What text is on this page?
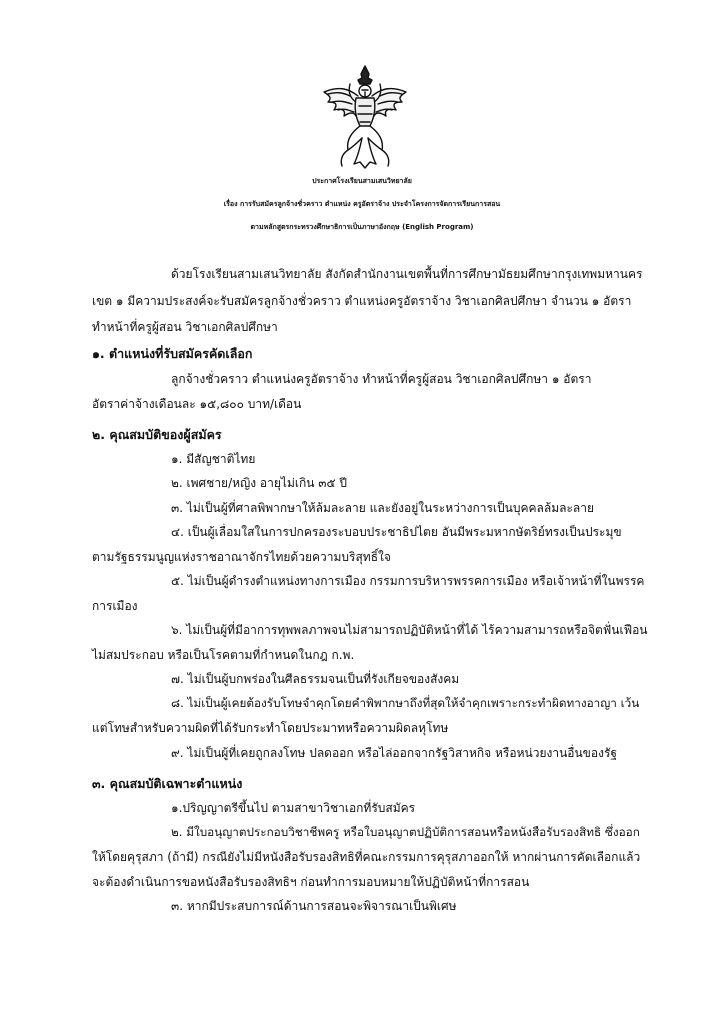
ประกาศโรงเรียนสามเสนวิทยาลัย
เรื่อง การรับสมัครลูกจ้างชั่วคราว ตำแหน่ง ครูอัตราจ้าง ประจำโครงการจัดการเรียนการสอน
ตามหลักสูตรกระทรวงศึกษาธิการเป็นภาษาอังกฤษ (English Program)
ด้วยโรงเรียนสามเสนวิทยาลัย สังกัดสำนักงานเขตพื้นที่การศึกษามัธยมศึกษากรุงเทพมหานคร
เขต ๑ มีความประสงค์จะรับสมัครลูกจ้างชั่วคราว ตำแหน่งครูอัตราจ้าง วิชาเอกศิลปศึกษา จำนวน ๑ อัตรา
ทำหน้าที่ครูผู้สอน วิชาเอกศิลปศึกษา
๑. ตำแหน่งที่รับสมัครคัดเลือก
ลูกจ้างชั่วคราว ตำแหน่งครูอัตราจ้าง ทำหน้าที่ครูผู้สอน วิชาเอกศิลปศึกษา ๑ อัตรา
อัตราค่าจ้างเดือนละ ๑๕,๘๐๐ บาท/เดือน
๒. คุณสมบัติของผู้สมัคร
๑. มีสัญชาติไทย
๒. เพศชาย/หญิง อายุไม่เกิน ๓๕ ปี
๓. ไม่เป็นผู้ที่ศาลพิพากษาให้ล้มละลาย และยังอยู่ในระหว่างการเป็นบุคคลล้มละลาย
๔. เป็นผู้เลื่อมใสในการปกครองระบอบประชาธิปไตย อันมีพระมหากษัตริย์ทรงเป็นประมุข
ตามรัฐธรรมนูญแห่งราชอาณาจักรไทยด้วยความบริสุทธิ์ใจ
๕. ไม่เป็นผู้ดำรงตำแหน่งทางการเมือง กรรมการบริหารพรรคการเมือง หรือเจ้าหน้าที่ในพรรค
การเมือง
๖. ไม่เป็นผู้ที่มีอาการทุพพลภาพจนไม่สามารถปฏิบัติหน้าที่ได้ ไร้ความสามารถหรือจิตฟั่นเฟือน
ไม่สมประกอบ หรือเป็นโรคตามที่กำหนดในกฎ ก.พ.
๗. ไม่เป็นผู้บกพร่องในศีลธรรมจนเป็นที่รังเกียจของสังคม
๘. ไม่เป็นผู้เคยต้องรับโทษจำคุกโดยคำพิพากษาถึงที่สุดให้จำคุกเพราะกระทำผิดทางอาญา เว้น
แต่โทษสำหรับความผิดที่ได้รับกระทำโดยประมาทหรือความผิดลหุโทษ
๙. ไม่เป็นผู้ที่เคยถูกลงโทษ ปลดออก หรือไล่ออกจากรัฐวิสาหกิจ หรือหน่วยงานอื่นของรัฐ
๓. คุณสมบัติเฉพาะตำแหน่ง
๑.ปริญญาตรีขึ้นไป ตามสาขาวิชาเอกที่รับสมัคร
๒. มีใบอนุญาตประกอบวิชาชีพครู หรือใบอนุญาตปฏิบัติการสอนหรือหนังสือรับรองสิทธิ ซึ่งออก
ให้โดยคุรุสภา (ถ้ามี) กรณียังไม่มีหนังสือรับรองสิทธิที่คณะกรรมการคุรุสภาออกให้ หากผ่านการคัดเลือกแล้ว
จะต้องดำเนินการขอหนังสือรับรองสิทธิฯ ก่อนทำการมอบหมายให้ปฏิบัติหน้าที่การสอน
๓. หากมีประสบการณ์ด้านการสอนจะพิจารณาเป็นพิเศษ
